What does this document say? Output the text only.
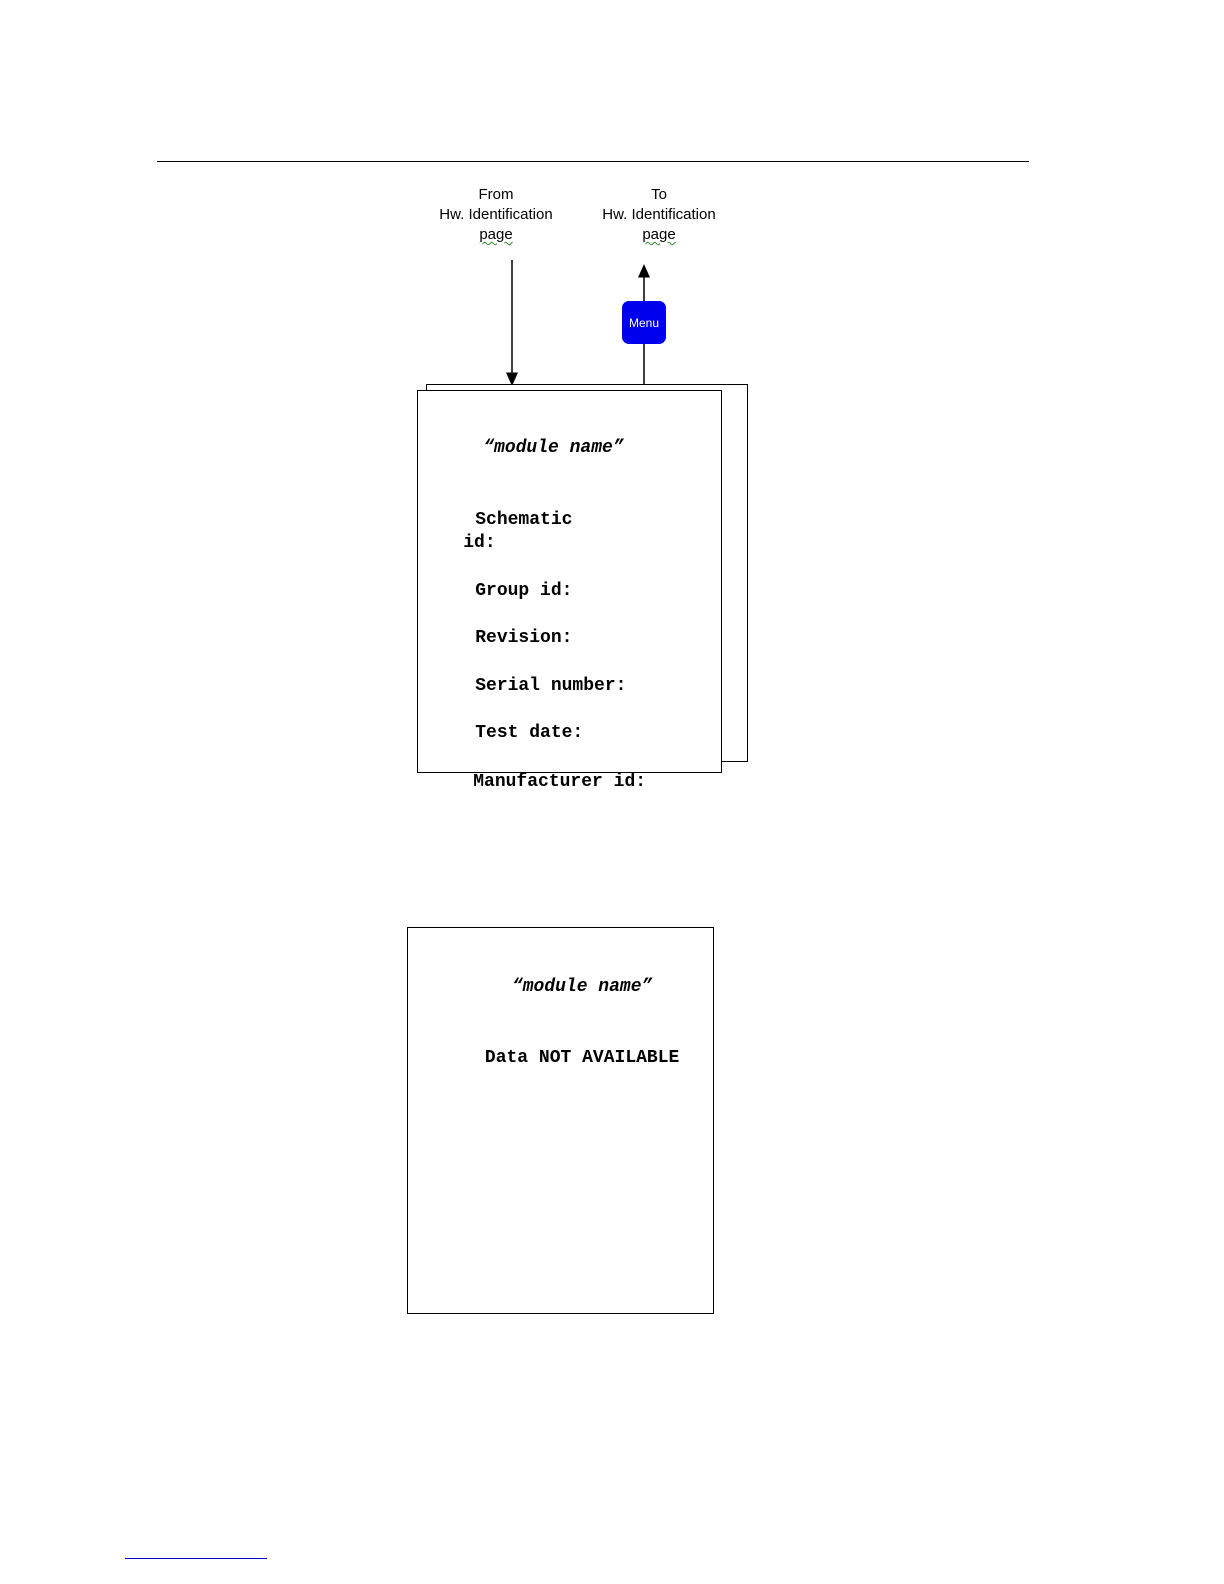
From
Hw. Identification
page
To
Hw. Identification
page
Menu

“module name”

Schematic

id:

Group id:

Revision:

Serial number:

Test date:

Manufacturer id:

“module name”

Data NOT AVAILABLE
